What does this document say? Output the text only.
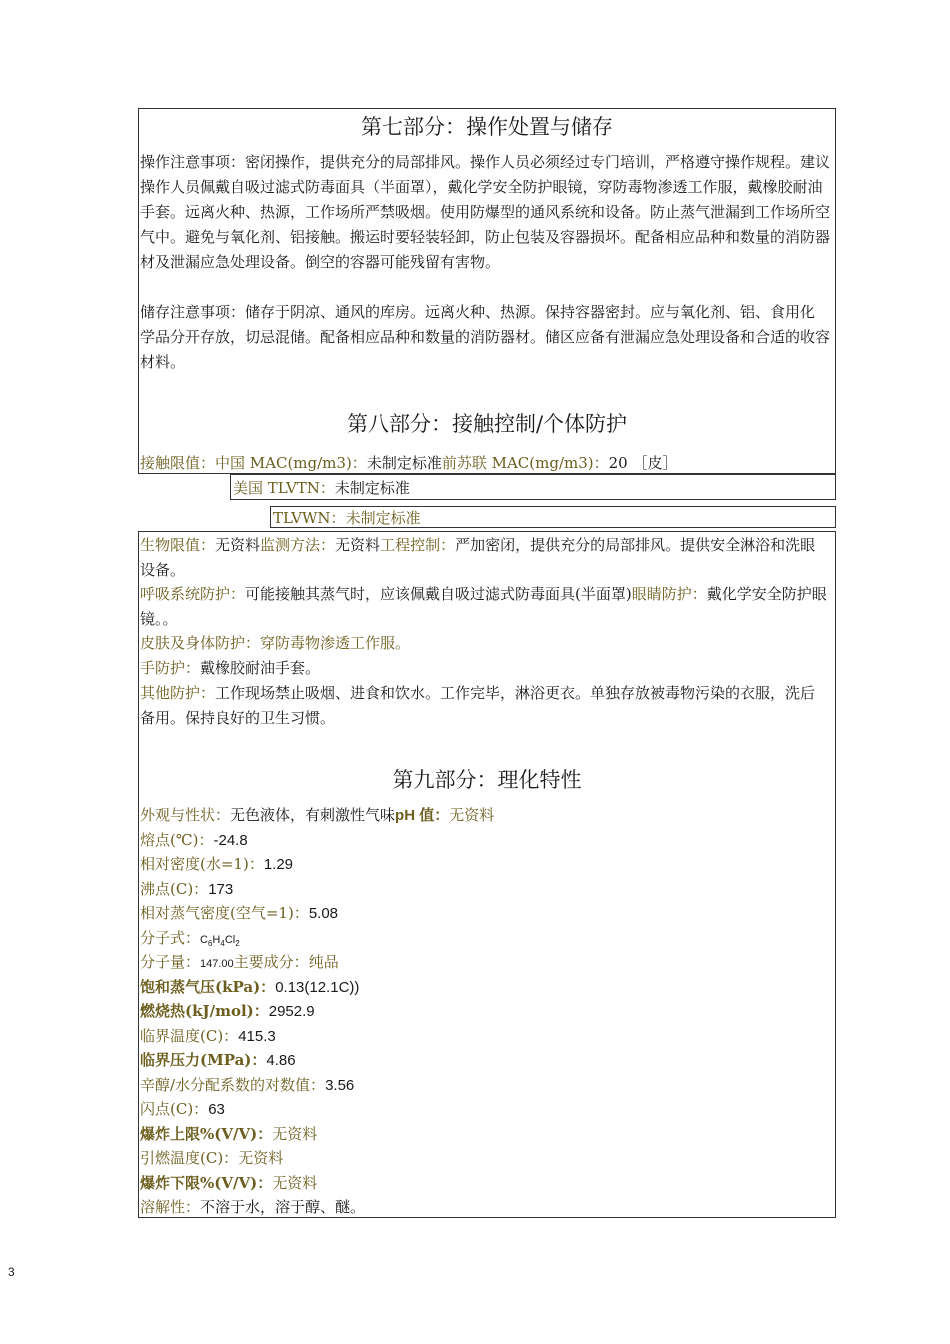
第七部分：操作处置与储存
操作注意事项：密闭操作，提供充分的局部排风。操作人员必须经过专门培训，严格遵守操作规程。建议操作人员佩戴自吸过滤式防毒面具（半面罩），戴化学安全防护眼镜，穿防毒物渗透工作服，戴橡胶耐油手套。远离火种、热源，工作场所严禁吸烟。使用防爆型的通风系统和设备。防止蒸气泄漏到工作场所空气中。避免与氧化剂、铝接触。搬运时要轻装轻卸，防止包装及容器损坏。配备相应品种和数量的消防器材及泄漏应急处理设备。倒空的容器可能残留有害物。
储存注意事项：储存于阴凉、通风的库房。远离火种、热源。保持容器密封。应与氧化剂、铝、食用化学品分开存放，切忌混储。配备相应品种和数量的消防器材。储区应备有泄漏应急处理设备和合适的收容材料。
第八部分：接触控制/个体防护
接触限值：中国 MAC(mg/m3)：未制定标准前苏联 MAC(mg/m3)：20 ［皮］
美国 TLVTN：未制定标准
TLVWN：未制定标准
生物限值：无资料监测方法：无资料工程控制：严加密闭，提供充分的局部排风。提供安全淋浴和洗眼设备。
呼吸系统防护：可能接触其蒸气时，应该佩戴自吸过滤式防毒面具(半面罩)眼睛防护：戴化学安全防护眼镜。。
皮肤及身体防护：穿防毒物渗透工作服。
手防护：戴橡胶耐油手套。
其他防护：工作现场禁止吸烟、进食和饮水。工作完毕，淋浴更衣。单独存放被毒物污染的衣服，洗后备用。保持良好的卫生习惯。
第九部分：理化特性
外观与性状：无色液体，有刺激性气味pH 值：无资料
熔点(℃)：-24.8
相对密度(水=1)：1.29
沸点(C)：173
相对蒸气密度(空气=1)：5.08
分子式：$C_6H_4Cl_2$
分子量：147.00主要成分：纯品
饱和蒸气压(kPa)：0.13(12.1C))
燃烧热(kJ/mol)：2952.9
临界温度(C)：415.3
临界压力(MPa)：4.86
辛醇/水分配系数的对数值：3.56
闪点(C)：63
爆炸上限%(V/V)：无资料
引燃温度(C)：无资料
爆炸下限%(V/V)：无资料
溶解性：不溶于水，溶于醇、醚。
3
